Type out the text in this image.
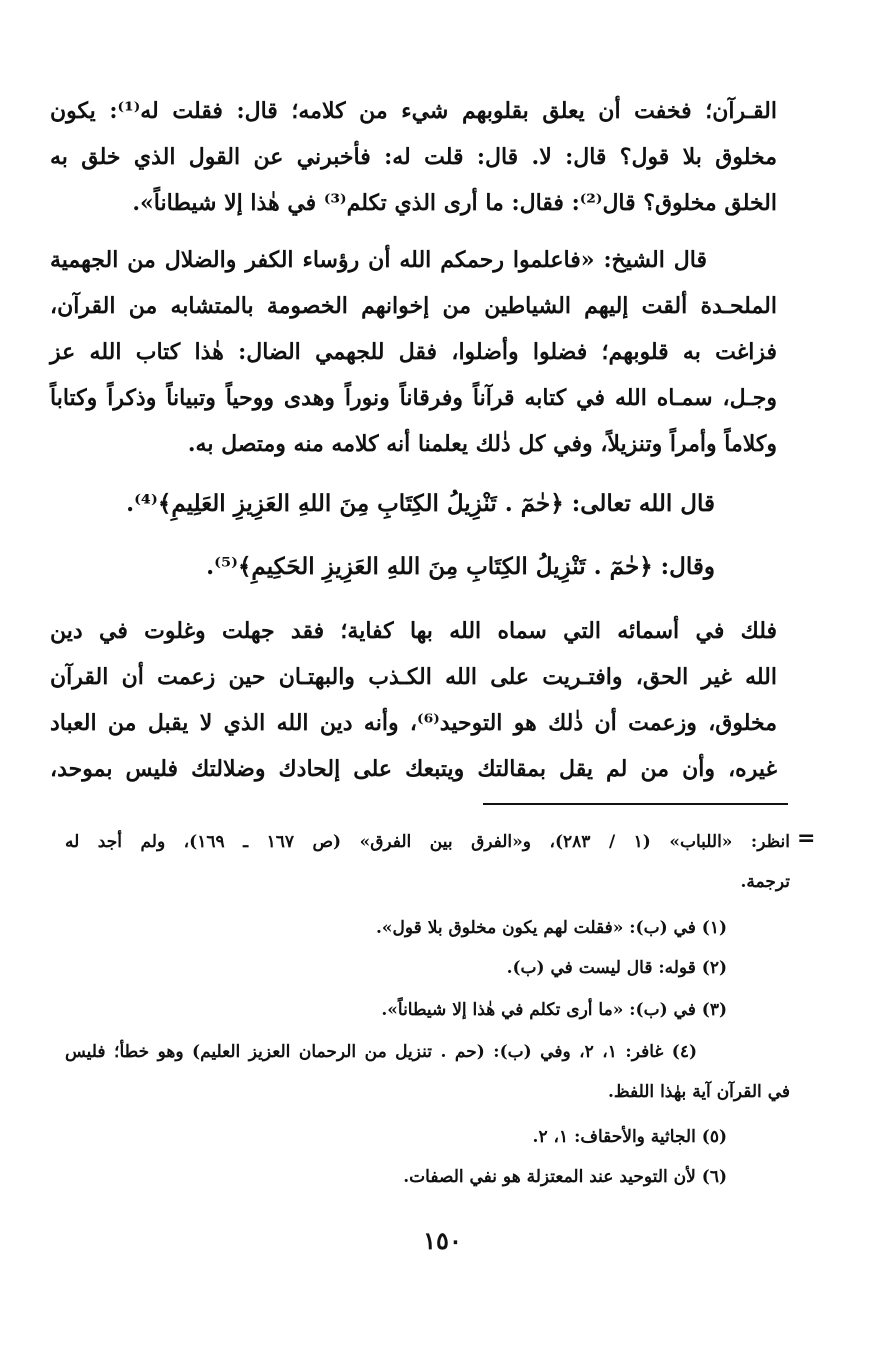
القـرآن؛ فخفت أن يعلق بقلوبهم شيء من كلامه؛ قال: فقلت له⁽¹⁾: يكون
مخلوق بلا قول؟ قال: لا. قال: قلت له: فأخبرني عن القول الذي خلق به
الخلق مخلوق؟ قال⁽²⁾: فقال: ما أرى الذي تكلم⁽³⁾ في هٰذا إلا شيطاناً».
قال الشيخ: «فاعلموا رحمكم الله أن رؤساء الكفر والضلال من الجهمية
الملحـدة ألقت إليهم الشياطين من إخوانهم الخصومة بالمتشابه من القرآن،
فزاغت به قلوبهم؛ فضلوا وأضلوا، فقل للجهمي الضال: هٰذا كتاب الله عز
وجـل، سمـاه الله في كتابه قرآناً وفرقاناً ونوراً وهدى ووحياً وتبياناً وذكراً وكتاباً
وكلاماً وأمراً وتنزيلاً، وفي كل ذٰلك يعلمنا أنه كلامه منه ومتصل به.
قال الله تعالى: ﴿حٰمٓ . تَنْزِيلُ الكِتَابِ مِنَ اللهِ العَزِيزِ العَلِيمِ﴾⁽⁴⁾.
وقال: ﴿حٰمٓ . تَنْزِيلُ الكِتَابِ مِنَ اللهِ العَزِيزِ الحَكِيمِ﴾⁽⁵⁾.
فلك في أسمائه التي سماه الله بها كفاية؛ فقد جهلت وغلوت في دين
الله غير الحق، وافتـريت على الله الكـذب والبهتـان حين زعمت أن القرآن
مخلوق، وزعمت أن ذٰلك هو التوحيد⁽⁶⁾، وأنه دين الله الذي لا يقبل من العباد
غيره، وأن من لم يقل بمقالتك ويتبعك على إلحادك وضلالتك فليس بموحد،
=
انظر: «اللباب» (١ / ٢٨٣)، و«الفرق بين الفرق» (ص ١٦٧ ـ ١٦٩)، ولم أجد له
ترجمة.
(١) في (ب): «فقلت لهم يكون مخلوق بلا قول».
(٢) قوله: قال ليست في (ب).
(٣) في (ب): «ما أرى تكلم في هٰذا إلا شيطاناً».
(٤) غافر: ١، ٢، وفي (ب): (حم . تنزيل من الرحمان العزيز العليم) وهو خطأ؛ فليس
في القرآن آية بهٰذا اللفظ.
(٥) الجاثية والأحقاف: ١، ٢.
(٦) لأن التوحيد عند المعتزلة هو نفي الصفات.
١٥٠
